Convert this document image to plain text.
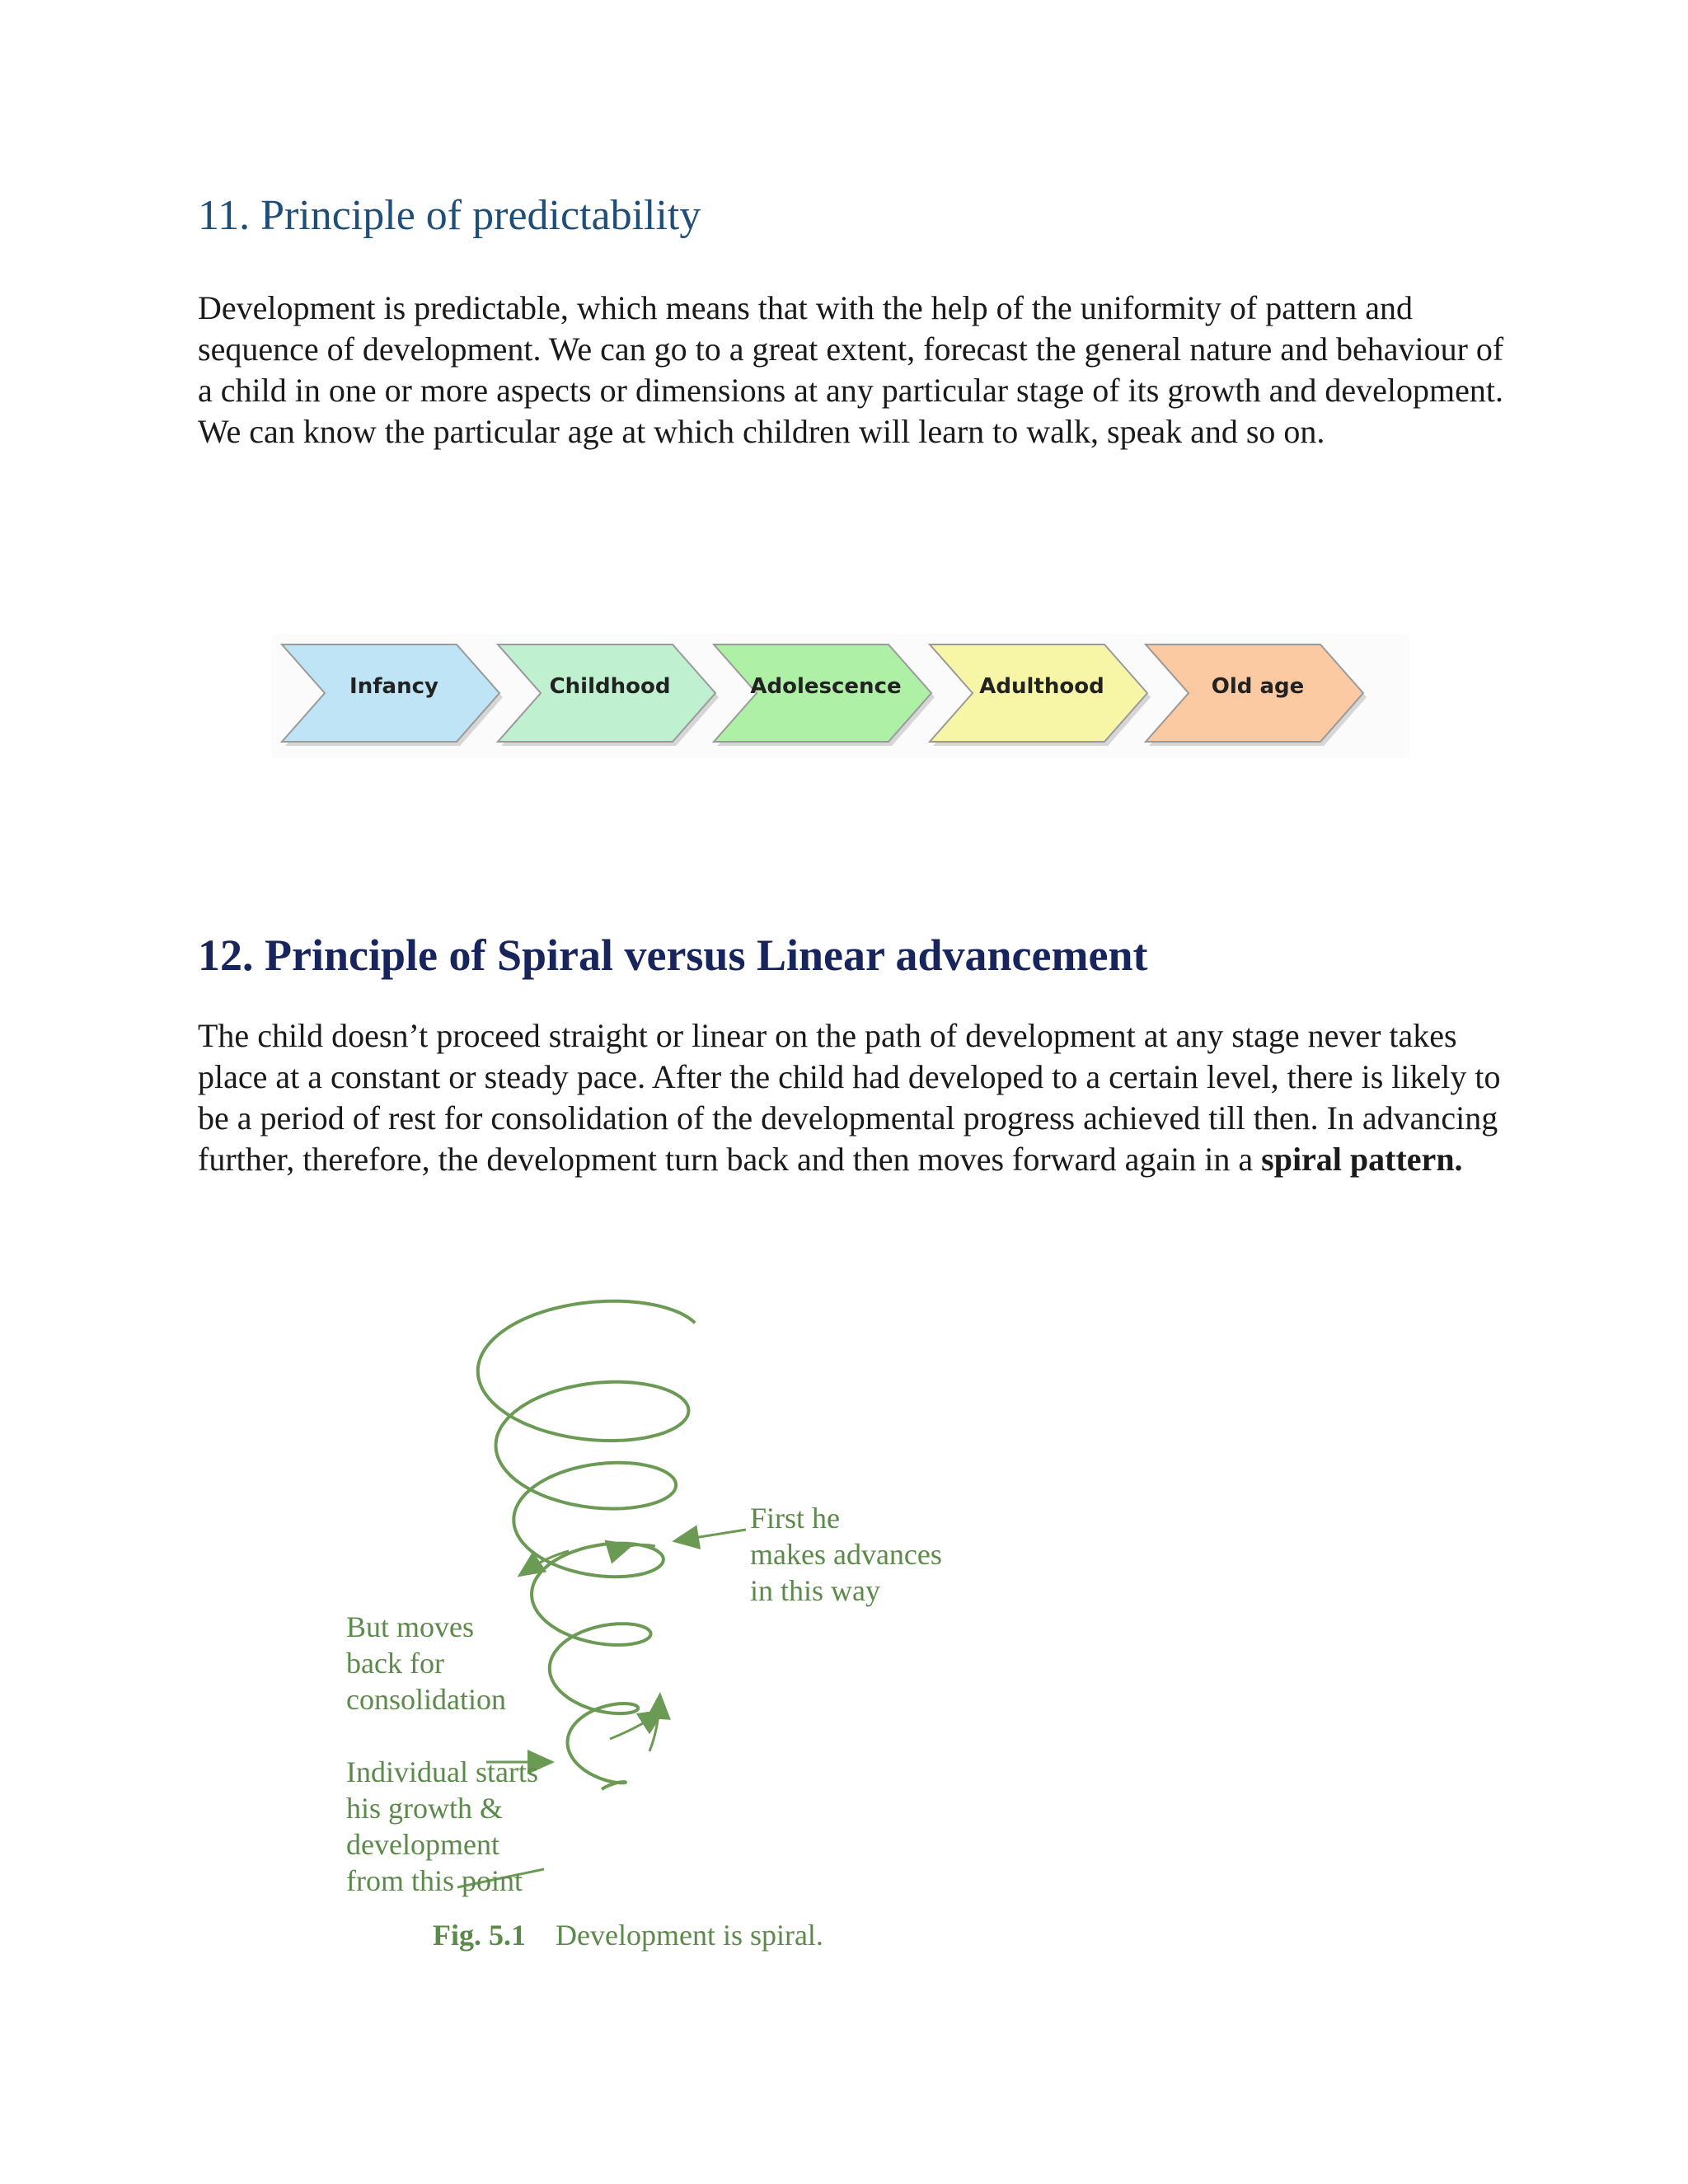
11. Principle of predictability

Development is predictable, which means that with the help of the uniformity of pattern and sequence of development. We can go to a great extent, forecast the general nature and behaviour of a child in one or more aspects or dimensions at any particular stage of its growth and development. We can know the particular age at which children will learn to walk, speak and so on.

Infancy	Childhood	Adolescence	Adulthood	Old age
12. Principle of Spiral versus Linear advancement

The child doesn’t proceed straight or linear on the path of development at any stage never takes place at a constant or steady pace. After the child had developed to a certain level, there is likely to be a period of rest for consolidation of the developmental progress achieved till then. In advancing further, therefore, the development turn back and then moves forward again in a spiral pattern.

First he
makes advances
in this way
But moves
back for
consolidation
Individual starts
his growth &
development
from this point

Fig. 5.1 Development is spiral.
